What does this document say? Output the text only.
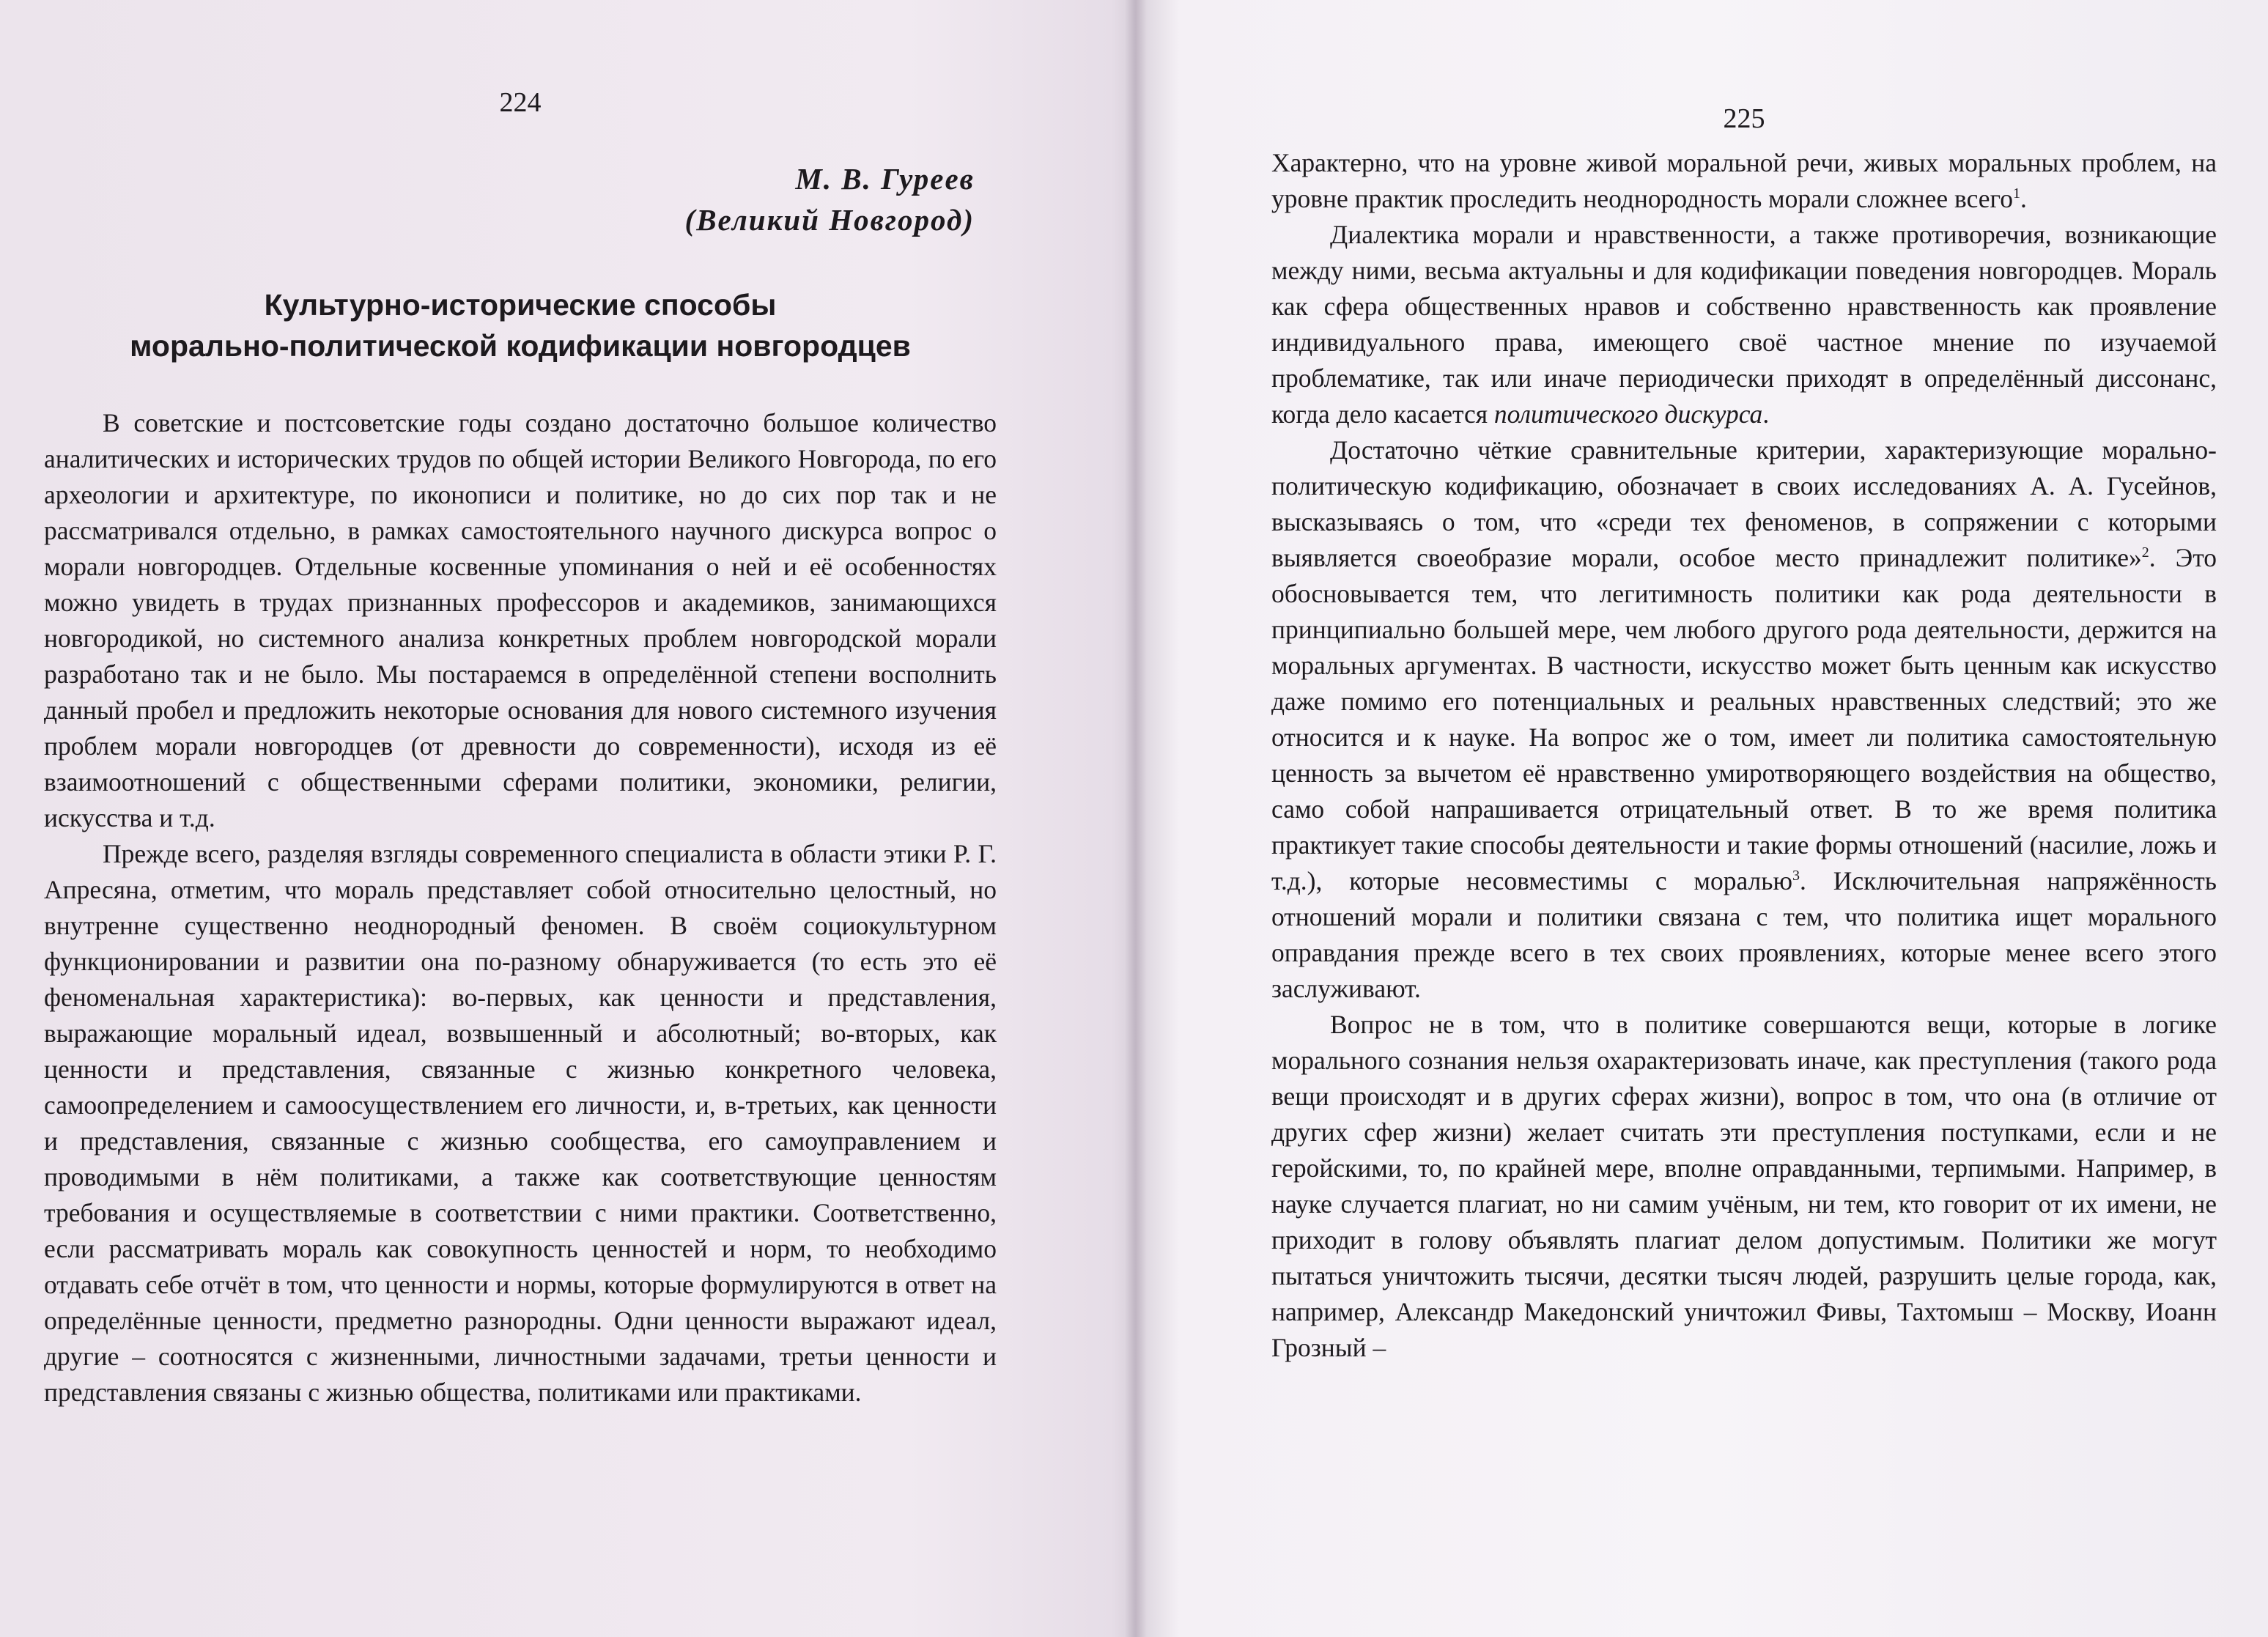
224
М. В. Гуреев
(Великий Новгород)
Культурно-исторические способы
морально-политической кодификации новгородцев

В советские и постсоветские годы создано достаточно большое количество аналитических и исторических трудов по общей истории Великого Новгорода, по его археологии и архитектуре, по иконописи и политике, но до сих пор так и не рассматривался отдельно, в рамках самостоятельного научного дискурса вопрос о морали новгородцев. Отдельные косвенные упоминания о ней и её особенностях можно увидеть в трудах признанных профессоров и академиков, занимающихся новгородикой, но системного анализа конкретных проблем новгородской морали разработано так и не было. Мы постараемся в определённой степени восполнить данный пробел и предложить некоторые основания для нового системного изучения проблем морали новгородцев (от древности до современности), исходя из её взаимоотношений с общественными сферами политики, экономики, религии, искусства и т.д.

Прежде всего, разделяя взгляды современного специалиста в области этики Р. Г. Апресяна, отметим, что мораль представляет собой относительно целостный, но внутренне существенно неоднородный феномен. В своём социокультурном функционировании и развитии она по-разному обнаруживается (то есть это её феноменальная характеристика): во-первых, как ценности и представления, выражающие моральный идеал, возвышенный и абсолютный; во-вторых, как ценности и представления, связанные с жизнью конкретного человека, самоопределением и самоосуществлением его личности, и, в-третьих, как ценности и представления, связанные с жизнью сообщества, его самоуправлением и проводимыми в нём политиками, а также как соответствующие ценностям требования и осуществляемые в соответствии с ними практики. Соответственно, если рассматривать мораль как совокупность ценностей и норм, то необходимо отдавать себе отчёт в том, что ценности и нормы, которые формулируются в ответ на определённые ценности, предметно разнородны. Одни ценности выражают идеал, другие – соотносятся с жизненными, личностными задачами, третьи ценности и представления связаны с жизнью общества, политиками или практиками.

225

Характерно, что на уровне живой моральной речи, живых моральных проблем, на уровне практик проследить неоднородность морали сложнее всего$^1$.

Диалектика морали и нравственности, а также противоречия, возникающие между ними, весьма актуальны и для кодификации поведения новгородцев. Мораль как сфера общественных нравов и собственно нравственность как проявление индивидуального права, имеющего своё частное мнение по изучаемой проблематике, так или иначе периодически приходят в определённый диссонанс, когда дело касается политического дискурса.

Достаточно чёткие сравнительные критерии, характеризующие морально-политическую кодификацию, обозначает в своих исследованиях А. А. Гусейнов, высказываясь о том, что «среди тех феноменов, в сопряжении с которыми выявляется своеобразие морали, особое место принадлежит политике»$^2$. Это обосновывается тем, что легитимность политики как рода деятельности в принципиально большей мере, чем любого другого рода деятельности, держится на моральных аргументах. В частности, искусство может быть ценным как искусство даже помимо его потенциальных и реальных нравственных следствий; это же относится и к науке. На вопрос же о том, имеет ли политика самостоятельную ценность за вычетом её нравственно умиротворяющего воздействия на общество, само собой напрашивается отрицательный ответ. В то же время политика практикует такие способы деятельности и такие формы отношений (насилие, ложь и т.д.), которые несовместимы с моралью$^3$. Исключительная напряжённость отношений морали и политики связана с тем, что политика ищет морального оправдания прежде всего в тех своих проявлениях, которые менее всего этого заслуживают.

Вопрос не в том, что в политике совершаются вещи, которые в логике морального сознания нельзя охарактеризовать иначе, как преступления (такого рода вещи происходят и в других сферах жизни), вопрос в том, что она (в отличие от других сфер жизни) желает считать эти преступления поступками, если и не геройскими, то, по крайней мере, вполне оправданными, терпимыми. Например, в науке случается плагиат, но ни самим учёным, ни тем, кто говорит от их имени, не приходит в голову объявлять плагиат делом допустимым. Политики же могут пытаться уничтожить тысячи, десятки тысяч людей, разрушить целые города, как, например, Александр Македонский уничтожил Фивы, Тахтомыш – Москву, Иоанн Грозный –
